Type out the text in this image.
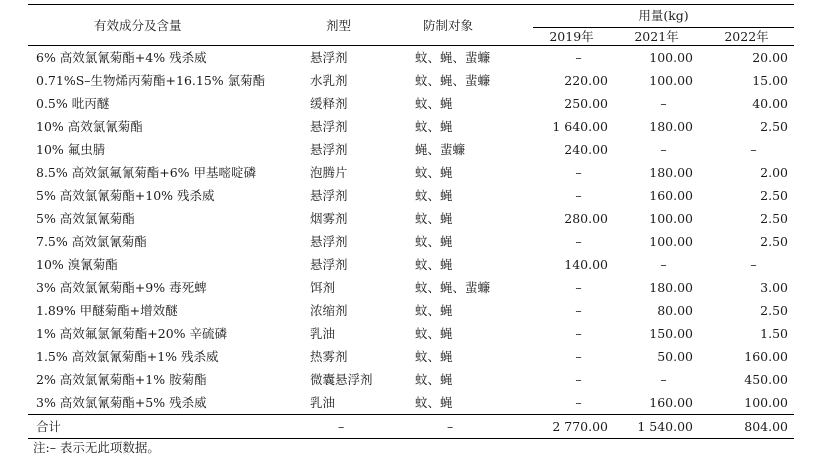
有效成分及含量	剂型	防制对象	用量(kg)		

			2019年	2021年	2022年

6% 高效氯氰菊酯+4% 残杀威	悬浮剂	蚊、蝇、蜚蠊	–	100.00	20.00
0.71%S–生物烯丙菊酯+16.15% 氯菊酯	水乳剂	蚊、蝇、蜚蠊	220.00	100.00	15.00
0.5% 吡丙醚	缓释剂	蚊、蝇	250.00	–	40.00
10% 高效氯氰菊酯	悬浮剂	蚊、蝇	1 640.00	180.00	2.50
10% 氟虫腈	悬浮剂	蝇、蜚蠊	240.00	–	–
8.5% 高效氯氟氰菊酯+6% 甲基嘧啶磷	泡腾片	蚊、蝇	–	180.00	2.00
5% 高效氯氰菊酯+10% 残杀威	悬浮剂	蚊、蝇	–	160.00	2.50
5% 高效氯氰菊酯	烟雾剂	蚊、蝇	280.00	100.00	2.50
7.5% 高效氯氰菊酯	悬浮剂	蚊、蝇	–	100.00	2.50
10% 溴氰菊酯	悬浮剂	蚊、蝇	140.00	–	–
3% 高效氯氰菊酯+9% 毒死蜱	饵剂	蚊、蝇、蜚蠊	–	180.00	3.00
1.89% 甲醚菊酯+增效醚	浓缩剂	蚊、蝇	–	80.00	2.50
1% 高效氟氯氰菊酯+20% 辛硫磷	乳油	蚊、蝇	–	150.00	1.50
1.5% 高效氯氰菊酯+1% 残杀威	热雾剂	蚊、蝇	–	50.00	160.00
2% 高效氯氰菊酯+1% 胺菊酯	微囊悬浮剂	蚊、蝇	–	–	450.00
3% 高效氯氰菊酯+5% 残杀威	乳油	蚊、蝇	–	160.00	100.00
合计	–	–	2 770.00	1 540.00	804.00
注:– 表示无此项数据。
